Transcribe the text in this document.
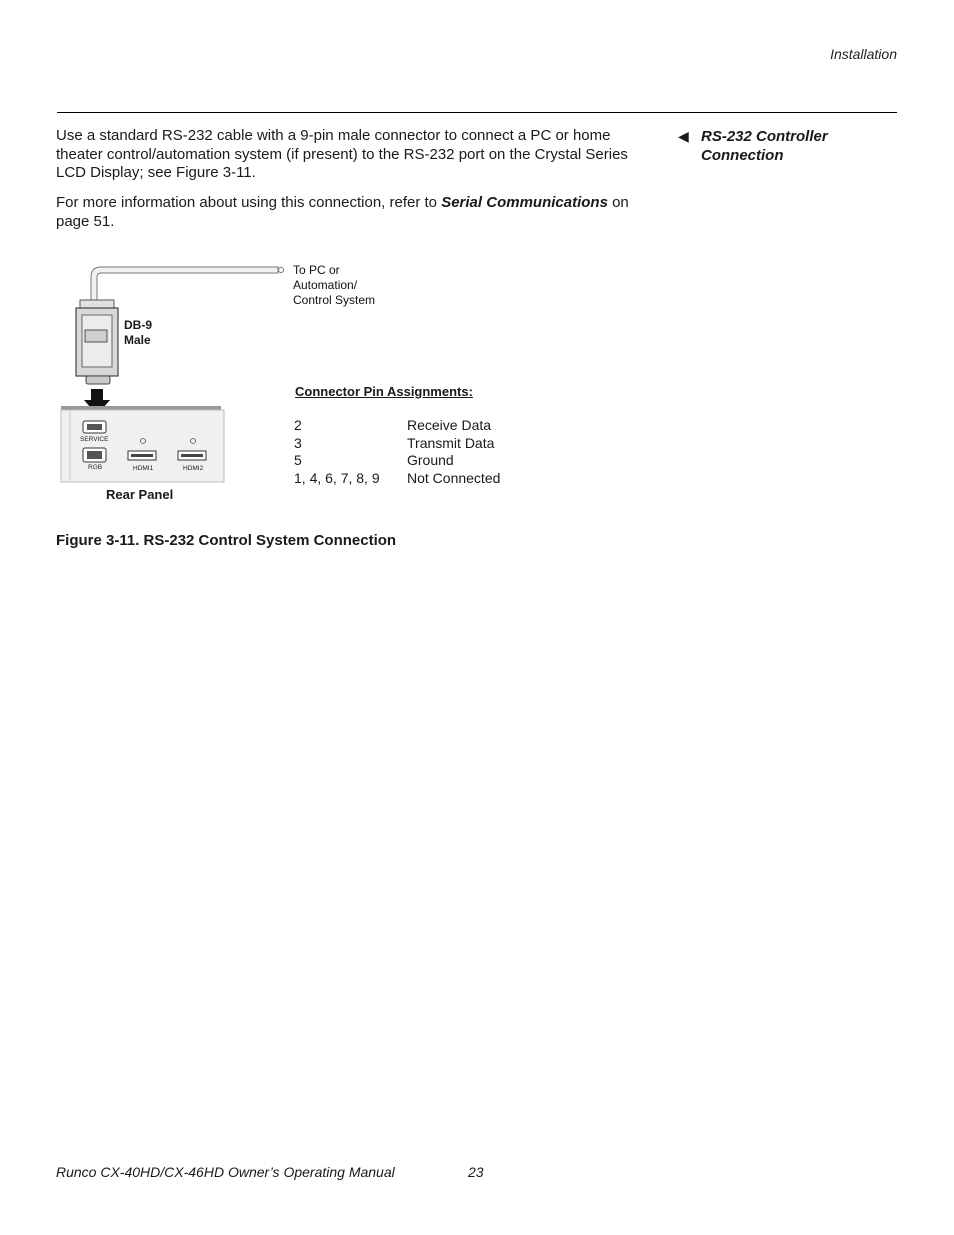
Installation
Use a standard RS-232 cable with a 9-pin male connector to connect a PC or home theater control/automation system (if present) to the RS-232 port on the Crystal Series LCD Display; see Figure 3-11.
For more information about using this connection, refer to Serial Communications on page 51.
◀ RS-232 Controller Connection
SERVICE
RGB	HDMI1	HDMI2
To PC or Automation/ Control System
DB-9
Male
Rear Panel
Connector Pin Assignments:
2	Receive Data
3	Transmit Data
5	Ground
1, 4, 6, 7, 8, 9	Not Connected
Figure 3-11. RS-232 Control System Connection
Runco CX-40HD/CX-46HD Owner’s Operating Manual	23
